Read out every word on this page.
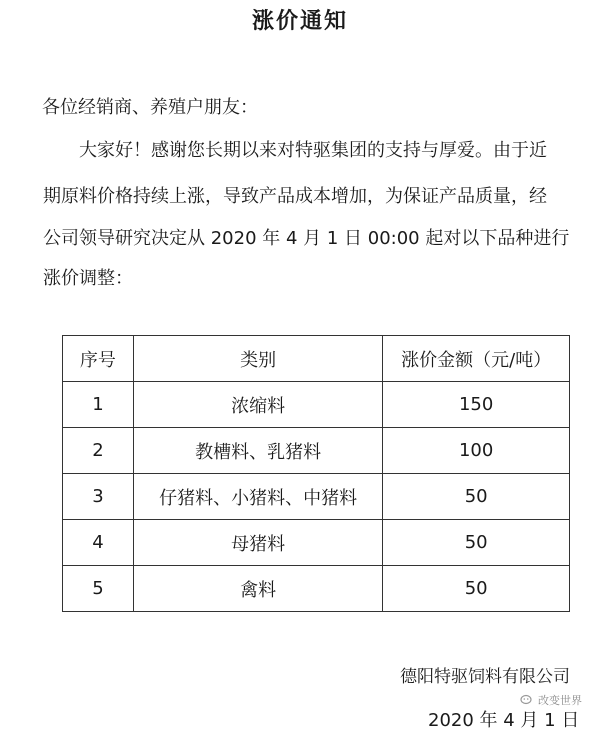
涨价通知
各位经销商、养殖户朋友：
大家好！感谢您长期以来对特驱集团的支持与厚爱。由于近
期原料价格持续上涨，导致产品成本增加，为保证产品质量，经
公司领导研究决定从 2020 年 4 月 1 日 00:00 起对以下品种进行
涨价调整：
序号	类别	涨价金额（元/吨）
1	浓缩料	150
2	教槽料、乳猪料	100
3	仔猪料、小猪料、中猪料	50
4	母猪料	50
5	禽料	50
德阳特驱饲料有限公司
改变世界
2020 年 4 月 1 日
